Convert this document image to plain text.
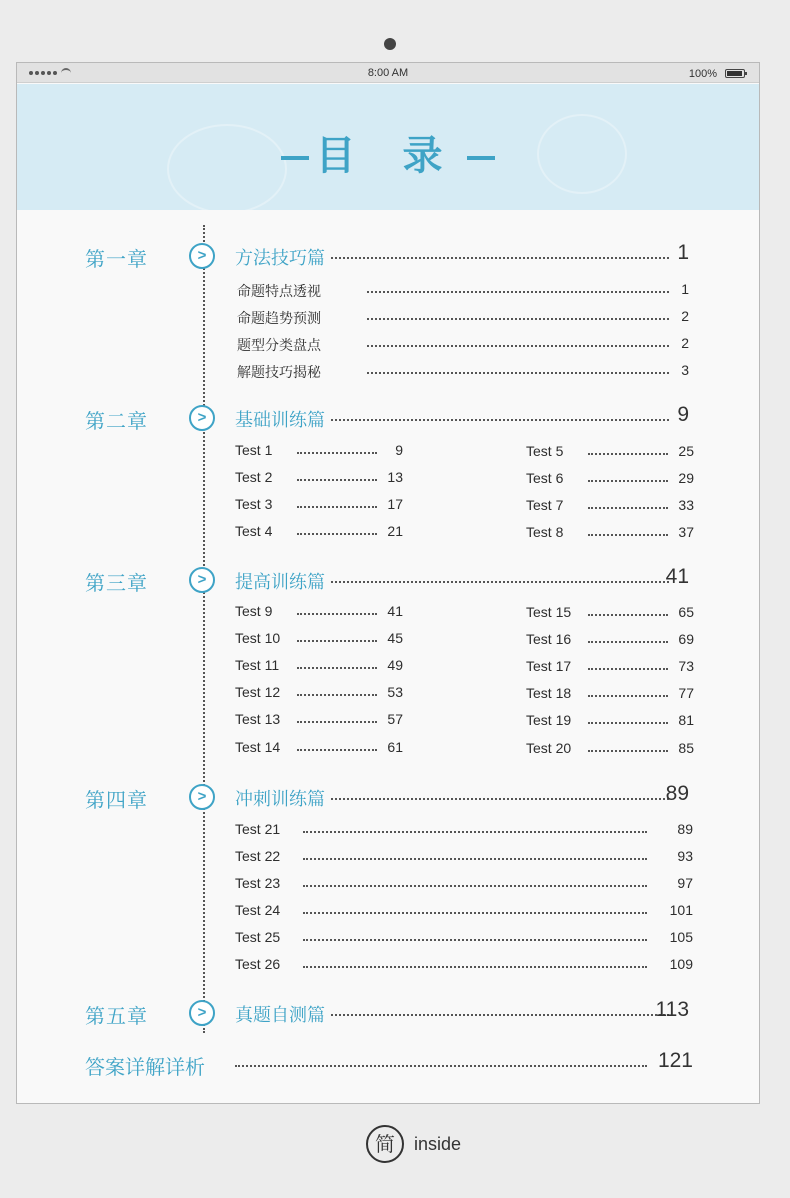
8:00 AM	100%
目 录
第一章	>	方法技巧篇	1
命题特点透视	1
命题趋势预测	2
题型分类盘点	2
解题技巧揭秘	3
第二章	>	基础训练篇	9
Test 1	9
Test 2	13
Test 3	17
Test 4	21
Test 5	25
Test 6	29
Test 7	33
Test 8	37
第三章	>	提高训练篇	41
Test 9	41
Test 10	45
Test 11	49
Test 12	53
Test 13	57
Test 14	61
Test 15	65
Test 16	69
Test 17	73
Test 18	77
Test 19	81
Test 20	85
第四章	>	冲刺训练篇	89
Test 21	89
Test 22	93
Test 23	97
Test 24	101
Test 25	105
Test 26	109
第五章	>	真题自测篇	113
答案详解详析	121
简	inside
